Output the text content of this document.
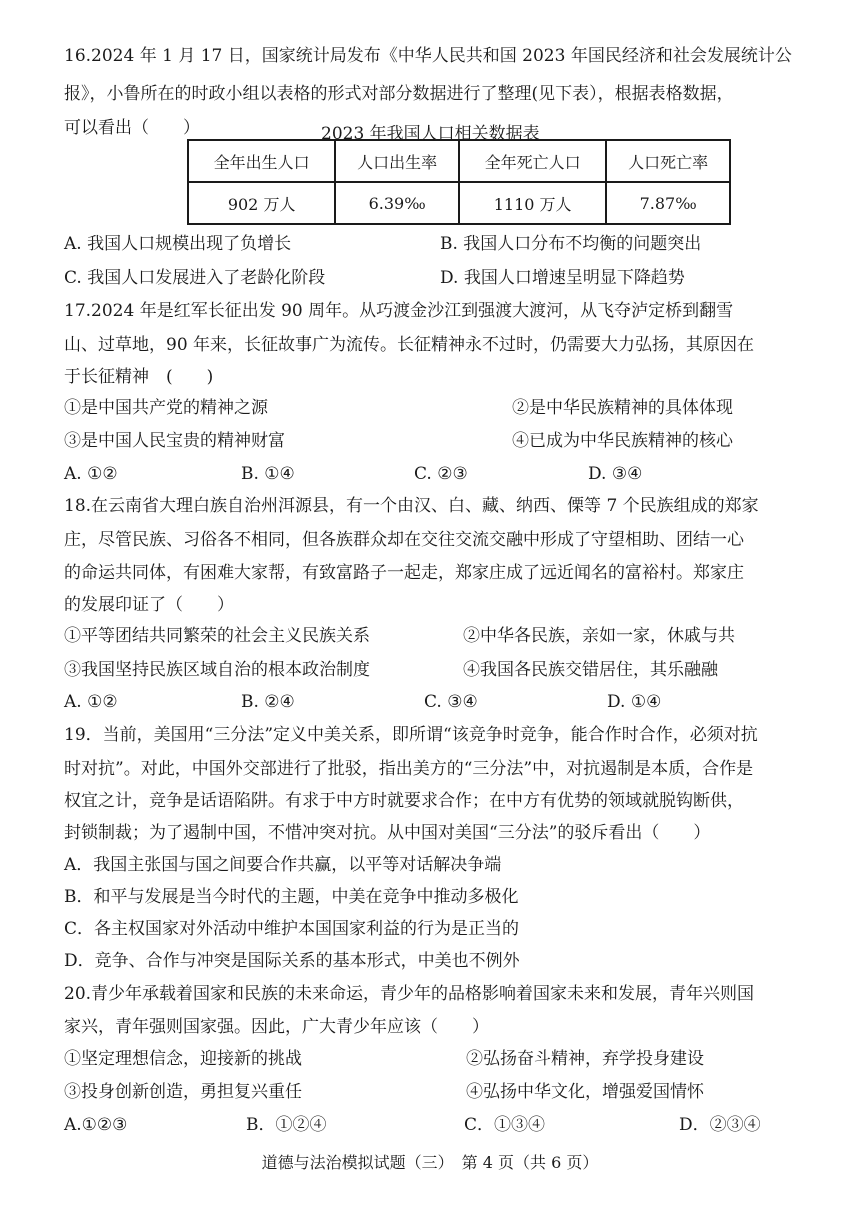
16.2024 年 1 月 17 日，国家统计局发布《中华人民共和国 2023 年国民经济和社会发展统计公
报》，小鲁所在的时政小组以表格的形式对部分数据进行了整理(见下表），根据表格数据，
可以看出（　　）	2023 年我国人口相关数据表
全年出生人口	人口出生率	全年死亡人口	人口死亡率
902 万人	6.39‰	1110 万人	7.87‰
A. 我国人口规模出现了负增长	B. 我国人口分布不均衡的问题突出
C. 我国人口发展进入了老龄化阶段	D. 我国人口增速呈明显下降趋势
17.2024 年是红军长征出发 90 周年。从巧渡金沙江到强渡大渡河，从飞夺泸定桥到翻雪
山、过草地，90 年来，长征故事广为流传。长征精神永不过时，仍需要大力弘扬，其原因在
于长征精神　(　　)
①是中国共产党的精神之源	②是中华民族精神的具体体现
③是中国人民宝贵的精神财富	④已成为中华民族精神的核心
A. ①②	B. ①④	C. ②③	D. ③④
18.在云南省大理白族自治州洱源县，有一个由汉、白、藏、纳西、傈等 7 个民族组成的郑家
庄，尽管民族、习俗各不相同，但各族群众却在交往交流交融中形成了守望相助、团结一心
的命运共同体，有困难大家帮，有致富路子一起走，郑家庄成了远近闻名的富裕村。郑家庄
的发展印证了（　　）
①平等团结共同繁荣的社会主义民族关系	②中华各民族，亲如一家，休戚与共
③我国坚持民族区域自治的根本政治制度	④我国各民族交错居住，其乐融融
A. ①②	B. ②④	C. ③④	D. ①④
19．当前，美国用“三分法”定义中美关系，即所谓“该竞争时竞争，能合作时合作，必须对抗
时对抗”。对此，中国外交部进行了批驳，指出美方的“三分法”中，对抗遏制是本质，合作是
权宜之计，竞争是话语陷阱。有求于中方时就要求合作；在中方有优势的领域就脱钩断供，
封锁制裁；为了遏制中国，不惜冲突对抗。从中国对美国“三分法”的驳斥看出（　　）
A．我国主张国与国之间要合作共赢，以平等对话解决争端
B．和平与发展是当今时代的主题，中美在竞争中推动多极化
C．各主权国家对外活动中维护本国国家利益的行为是正当的
D．竞争、合作与冲突是国际关系的基本形式，中美也不例外
20.青少年承载着国家和民族的未来命运，青少年的品格影响着国家未来和发展，青年兴则国
家兴，青年强则国家强。因此，广大青少年应该（　　）
①坚定理想信念，迎接新的挑战	②弘扬奋斗精神，弃学投身建设
③投身创新创造，勇担复兴重任	④弘扬中华文化，增强爱国情怀
A.①②③	B．①②④	C．①③④	D．②③④
道德与法治模拟试题（三）　第 4 页（共 6 页）
